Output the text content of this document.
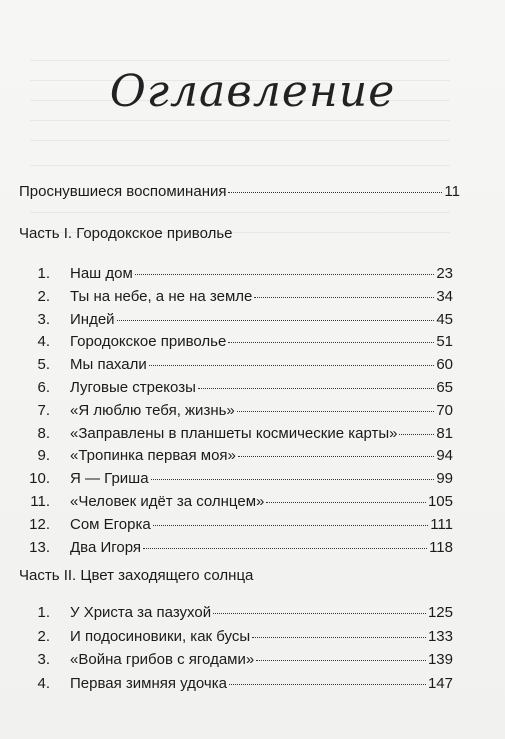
Оглавление
Проснувшиеся воспоминания	11
Часть I. Городокское приволье
1.	Наш дом	23
2.	Ты на небе, а не на земле	34
3.	Индей	45
4.	Городокское приволье	51
5.	Мы пахали	60
6.	Луговые стрекозы	65
7.	«Я люблю тебя, жизнь»	70
8.	«Заправлены в планшеты космические карты»	81
9.	«Тропинка первая моя»	94
10.	Я — Гриша	99
11.	«Человек идёт за солнцем»	105
12.	Сом Егорка	111
13.	Два Игоря	118
Часть II. Цвет заходящего солнца
1.	У Христа за пазухой	125
2.	И подосиновики, как бусы	133
3.	«Война грибов с ягодами»	139
4.	Первая зимняя удочка	147
